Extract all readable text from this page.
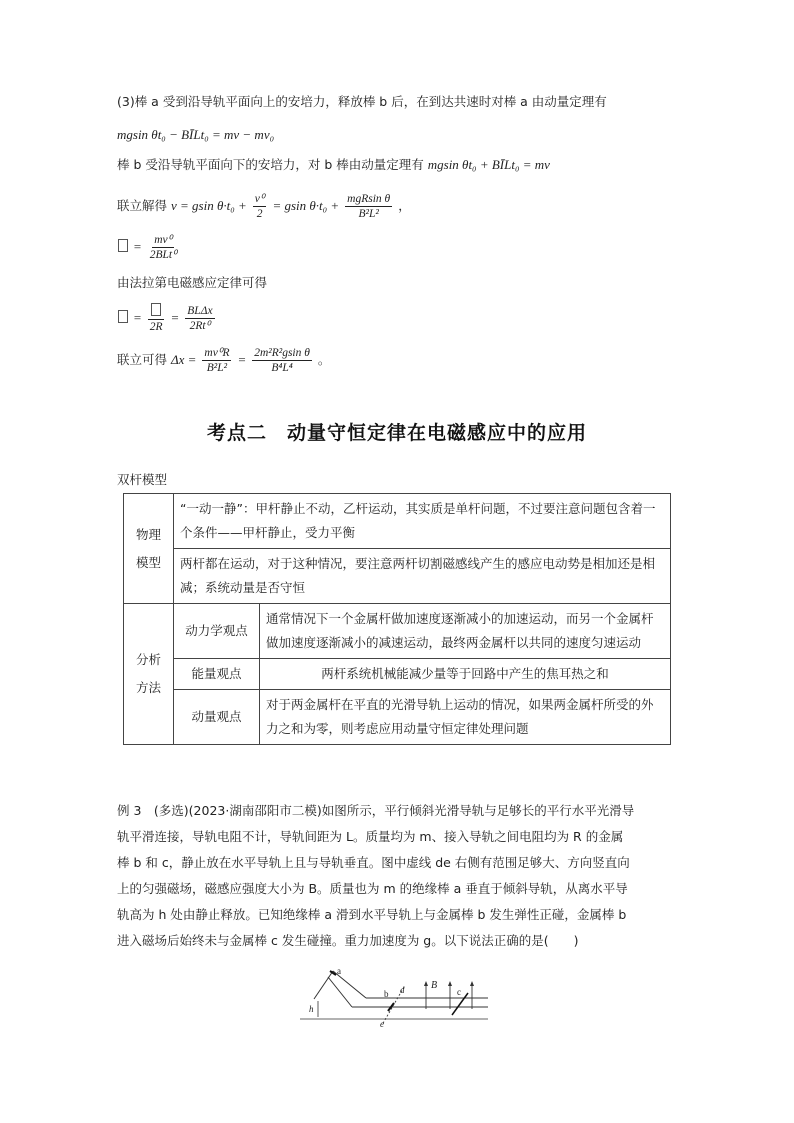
(3)棒 a 受到沿导轨平面向上的安培力，释放棒 b 后，在到达共速时对棒 a 由动量定理有
mgsin θt₀ − BĪLt₀ = mv − mv₀
棒 b 受沿导轨平面向下的安培力，对 b 棒由动量定理有 mgsin θt₀ + BĪLt₀ = mv
联立解得 v = gsin $\theta\cdot t_0 + \frac{\text{v⁰}}{2} = gsin$ $\theta\cdot t_0 + \frac{\text{mgRsin θ}}{\text{B²L²}}$ ，
= $\frac{\text{mv⁰}}{\text{2BLt⁰}}$
由法拉第电磁感应定律可得
=
2R
= $\frac{\text{BLΔx}}{\text{2Rt⁰}}$
联立可得 $\Delta x = \frac{\text{mv⁰R}}{\text{B²L²}} = \frac{\text{2m²R²gsin θ}}{\text{B⁴L⁴}}$ 。
考点二　动量守恒定律在电磁感应中的应用
双杆模型
物理
模型	“一动一静”：甲杆静止不动，乙杆运动，其实质是单杆问题，不过要注意问题包含着一个条件——甲杆静止，受力平衡	
	两杆都在运动，对于这种情况，要注意两杆切割磁感线产生的感应电动势是相加还是相减；系统动量是否守恒	
分析
方法	动力学观点	通常情况下一个金属杆做加速度逐渐减小的加速运动，而另一个金属杆做加速度逐渐减小的减速运动，最终两金属杆以共同的速度匀速运动
	能量观点	两杆系统机械能减少量等于回路中产生的焦耳热之和
	动量观点	对于两金属杆在平直的光滑导轨上运动的情况，如果两金属杆所受的外力之和为零，则考虑应用动量守恒定律处理问题

例 3　(多选)(2023·湖南邵阳市二模)如图所示，平行倾斜光滑导轨与足够长的平行水平光滑导

轨平滑连接，导轨电阻不计，导轨间距为 L。质量均为 m、接入导轨之间电阻均为 R 的金属

棒 b 和 c，静止放在水平导轨上且与导轨垂直。图中虚线 de 右侧有范围足够大、方向竖直向

上的匀强磁场，磁感应强度大小为 B。质量也为 m 的绝缘棒 a 垂直于倾斜导轨，从离水平导

轨高为 h 处由静止释放。已知绝缘棒 a 滑到水平导轨上与金属棒 b 发生弹性正碰，金属棒 b

进入磁场后始终未与金属棒 c 发生碰撞。重力加速度为 g。以下说法正确的是(　　)

a
h
b d
e
B
c
